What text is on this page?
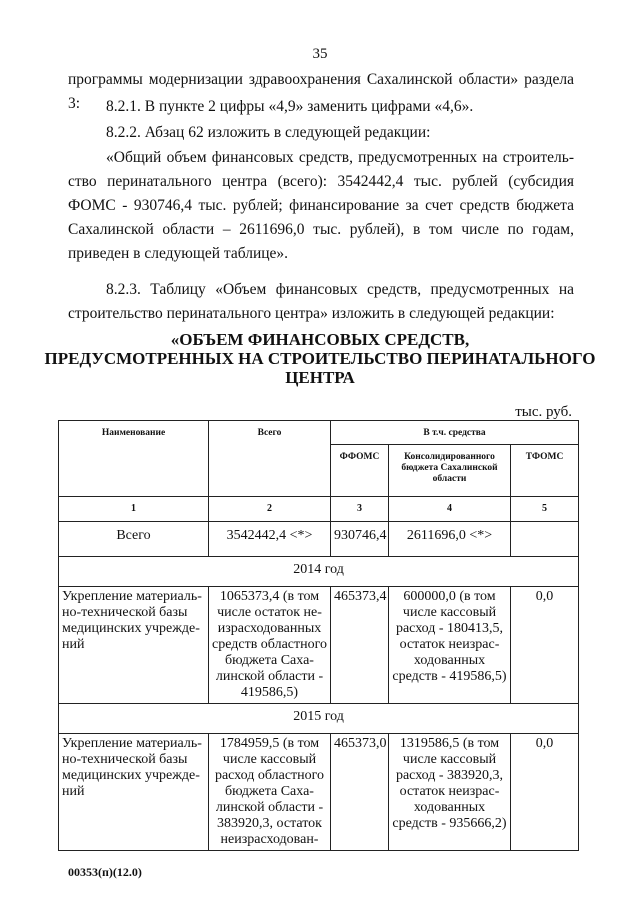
35
программы модернизации здравоохранения Сахалинской области» раздела 3:	8.2.1. В пункте 2 цифры «4,9» заменить цифрами «4,6».
8.2.2. Абзац 62 изложить в следующей редакции:
«Общий объем финансовых средств, предусмотренных на строительство перинатального центра (всего): 3542442,4 тыс. рублей (субсидия ФОМС - 930746,4 тыс. рублей; финансирование за счет средств бюджета Сахалинской области – 2611696,0 тыс. рублей), в том числе по годам, приведен в следующей таблице».
8.2.3. Таблицу «Объем финансовых средств, предусмотренных на строительство перинатального центра» изложить в следующей редакции:
«ОБЪЕМ ФИНАНСОВЫХ СРЕДСТВ,
ПРЕДУСМОТРЕННЫХ НА СТРОИТЕЛЬСТВО ПЕРИНАТАЛЬНОГО
ЦЕНТРА
тыс. руб.
Наименование	Всего	В т.ч. средства		
		ФФОМС	Консолидированного бюджета Сахалинской области	ТФОМС
1	2	3	4	5
Всего	3542442,4 <*>	930746,4	2611696,0 <*>	
2014 год				
Укрепление материально-технической базы медицинских учреждений	1065373,4 (в том числе остаток неизрасходованных средств областного бюджета Сахалинской области - 419586,5)	465373,4	600000,0 (в том числе кассовый расход - 180413,5, остаток неизрасходованных средств - 419586,5)	0,0
2015 год				
Укрепление материально-технической базы медицинских учреждений	1784959,5 (в том числе кассовый расход областного бюджета Сахалинской области - 383920,3, остаток неизрасходован-	465373,0	1319586,5 (в том числе кассовый расход - 383920,3, остаток неизрасходованных средств - 935666,2)	0,0
00353(п)(12.0)
